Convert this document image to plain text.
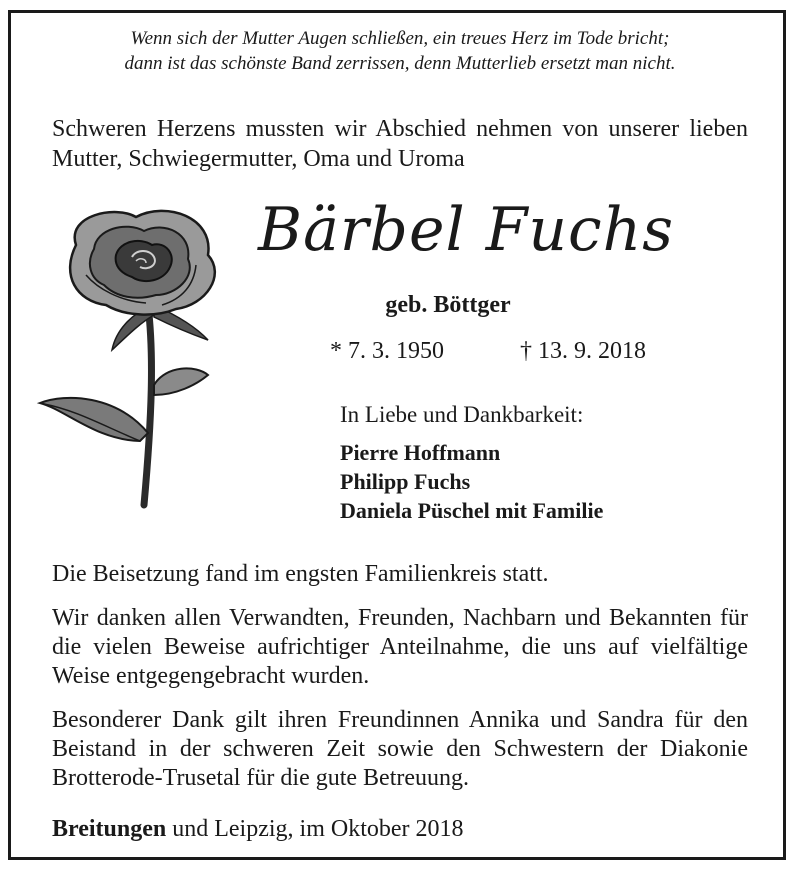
Wenn sich der Mutter Augen schließen, ein treues Herz im Tode bricht;
dann ist das schönste Band zerrissen, denn Mutterlieb ersetzt man nicht.
Schweren Herzens mussten wir Abschied nehmen von unserer lieben Mutter, Schwiegermutter, Oma und Uroma
Bärbel Fuchs
geb. Böttger
* 7. 3. 1950	† 13. 9. 2018
In Liebe und Dankbarkeit:
Pierre Hoffmann
Philipp Fuchs
Daniela Püschel mit Familie
Die Beisetzung fand im engsten Familienkreis statt.
Wir danken allen Verwandten, Freunden, Nachbarn und Bekannten für die vielen Beweise aufrichtiger Anteilnahme, die uns auf vielfältige Weise entgegengebracht wurden.
Besonderer Dank gilt ihren Freundinnen Annika und Sandra für den Beistand in der schweren Zeit sowie den Schwestern der Diakonie Brotterode-Trusetal für die gute Betreuung.
Breitungen und Leipzig, im Oktober 2018
